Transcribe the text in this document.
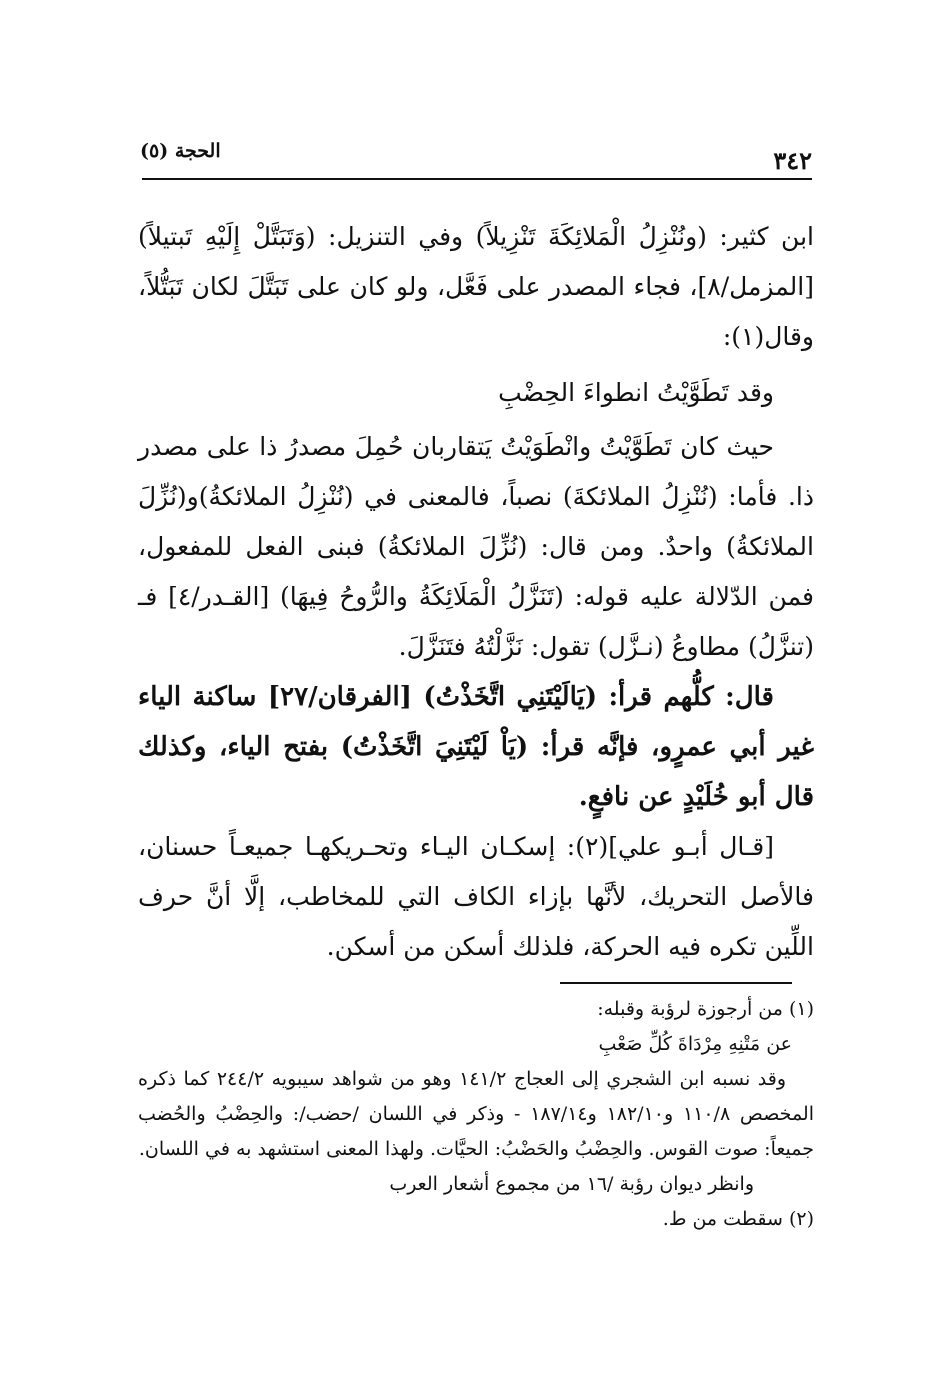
٣٤٢
الحجة (٥)

ابن كثير: (ونُنْزِلُ الْمَلائِكَةَ تَنْزِيلاً) وفي التنزيل: (وَتَبَتَّلْ إِلَيْهِ تَبتيلاً) [المزمل/٨]، فجاء المصدر على فَعَّل، ولو كان على تَبَتَّلَ لكان تَبَتُّلاً، وقال(١):

وقد تَطَوَّيْتُ انطواءَ الحِضْبِ

حيث كان تَطَوَّيْتُ وانْطَوَيْتُ يَتقاربان حُمِلَ مصدرُ ذا على مصدر ذا. فأما: (نُنْزِلُ الملائكةَ) نصباً، فالمعنى في (نُنْزِلُ الملائكةُ)و(نُزِّلَ الملائكةُ) واحدٌ. ومن قال: (نُزِّلَ الملائكةُ) فبنى الفعل للمفعول، فمن الدّلالة عليه قوله: (تَنَزَّلُ الْمَلَائِكَةُ والرُّوحُ فِيهَا) [القـدر/٤] فـ (تنزَّلُ) مطاوعُ (نـزَّل) تقول: نَزَّلْتُهُ فتَنَزَّلَ.

قال: كلُّهم قرأ: (يَالَيْتَنِي اتَّخَذْتُ) [الفرقان/٢٧] ساكنة الياء غير أبي عمرٍو، فإنَّه قرأ: (يَاْ لَيْتَنِيَ اتَّخَذْتُ) بفتح الياء، وكذلك قال أبو خُلَيْدٍ عن نافعٍ.

[قـال أبـو علي](٢): إسكـان اليـاء وتحـريكهـا جميعـاً حسنان، فالأصل التحريك، لأنَّها بإزاء الكاف التي للمخاطب، إلَّا أنَّ حرف اللِّين تكره فيه الحركة، فلذلك أسكن من أسكن.

(١) من أرجوزة لرؤبة وقبله:

عن مَتْنِهِ مِرْدَاةَ كُلِّ صَعْبِ

وقد نسبه ابن الشجري إلى العجاج ١٤١/٢ وهو من شواهد سيبويه ٢٤٤/٢ كما ذكره المخصص ١١٠/٨ و١٨٢/١٠ و١٨٧/١٤ - وذكر في اللسان /حضب/: والحِضْبُ والحُضب جميعاً: صوت القوس. والحِضْبُ والحَضْبُ: الحيَّات. ولهذا المعنى استشهد به في اللسان.

وانظر ديوان رؤبة /١٦ من مجموع أشعار العرب

(٢) سقطت من ط.
